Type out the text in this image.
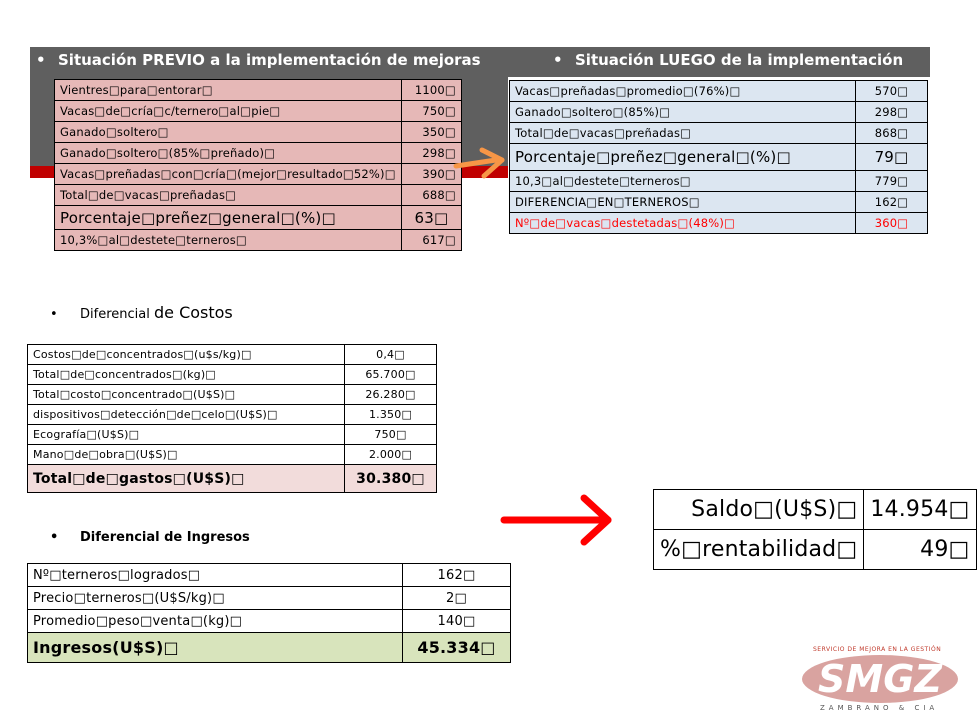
• Situación PREVIO a la implementación de mejoras	• Situación LUEGO de la implementación
Vientres□para□entorar□	1100□
Vacas□de□cría□c/ternero□al□pie□	750□
Ganado□soltero□	350□
Ganado□soltero□(85%□preñado)□	298□
Vacas□preñadas□con□cría□(mejor□resultado□52%)□	390□
Total□de□vacas□preñadas□	688□
Porcentaje□preñez□general□(%)□	63□
10,3%□al□destete□terneros□	617□
Vacas□preñadas□promedio□(76%)□	570□
Ganado□soltero□(85%)□	298□
Total□de□vacas□preñadas□	868□
Porcentaje□preñez□general□(%)□	79□
10,3□al□destete□terneros□	779□
DIFERENCIA□EN□TERNEROS□	162□
Nº□de□vacas□destetadas□(48%)□	360□
• Diferencial de Costos
Costos□de□concentrados□(u$s/kg)□	0,4□
Total□de□concentrados□(kg)□	65.700□
Total□costo□concentrado□(U$S)□	26.280□
dispositivos□detección□de□celo□(U$S)□	1.350□
Ecografía□(U$S)□	750□
Mano□de□obra□(U$S)□	2.000□
Total□de□gastos□(U$S)□	30.380□
• Diferencial de Ingresos
Nº□terneros□logrados□	162□
Precio□terneros□(U$S/kg)□	2□
Promedio□peso□venta□(kg)□	140□
Ingresos(U$S)□	45.334□
Saldo□(U$S)□	14.954□
%□rentabilidad□	49□
SERVICIO DE MEJORA EN LA GESTIÓN
SMGZ
ZAMBRANO & CIA
